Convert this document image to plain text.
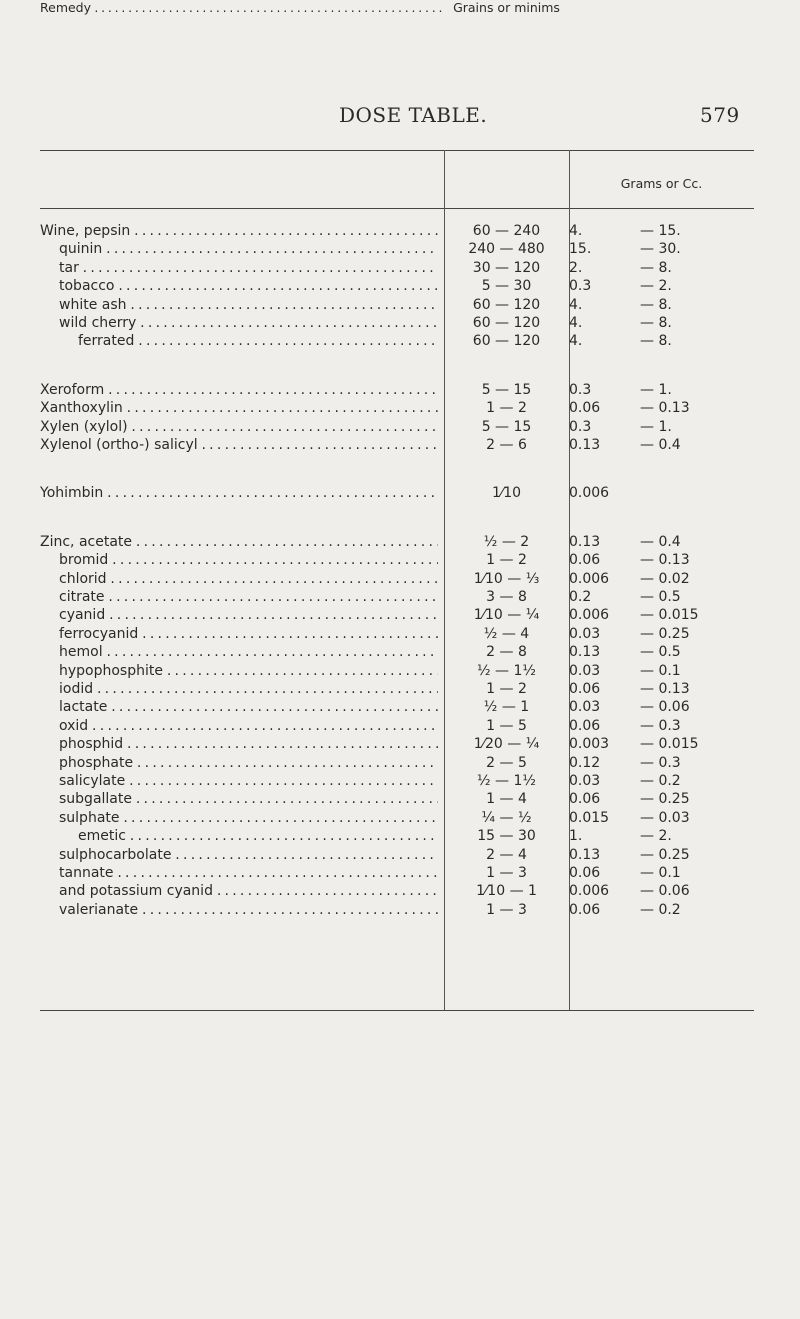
DOSE TABLE.	579
Remedy . . .	Grains or minims
Grams or Cc.
Wine, pepsin . . .	60 — 240	4.	— 15.
quinin . . .	240 — 480	15.	— 30.
tar . . .	30 — 120	2.	— 8.
tobacco . . .	5 — 30	0.3	— 2.
white ash . . .	60 — 120	4.	— 8.
wild cherry . . .	60 — 120	4.	— 8.
ferrated . . .	60 — 120	4.	— 8.
Xeroform . . .	5 — 15	0.3	— 1.
Xanthoxylin . . .	1 — 2	0.06	— 0.13
Xylen (xylol) . . .	5 — 15	0.3	— 1.
Xylenol (ortho-) salicyl . . .	2 — 6	0.13	— 0.4
Yohimbin . . .	1⁄10	0.006
Zinc, acetate . . .	½ — 2	0.13	— 0.4
bromid . . .	1 — 2	0.06	— 0.13
chlorid . . .	1⁄10 — ⅓	0.006	— 0.02
citrate . . .	3 — 8	0.2	— 0.5
cyanid . . .	1⁄10 — ¼	0.006	— 0.015
ferrocyanid . . .	½ — 4	0.03	— 0.25
hemol . . .	2 — 8	0.13	— 0.5
hypophosphite . . .	½ — 1½	0.03	— 0.1
iodid . . .	1 — 2	0.06	— 0.13
lactate . . .	½ — 1	0.03	— 0.06
oxid . . .	1 — 5	0.06	— 0.3
phosphid . . .	1⁄20 — ¼	0.003	— 0.015
phosphate . . .	2 — 5	0.12	— 0.3
salicylate . . .	½ — 1½	0.03	— 0.2
subgallate . . .	1 — 4	0.06	— 0.25
sulphate . . .	¼ — ½	0.015	— 0.03
emetic . . .	15 — 30	1.	— 2.
sulphocarbolate . . .	2 — 4	0.13	— 0.25
tannate . . .	1 — 3	0.06	— 0.1
and potassium cyanid . . .	1⁄10 — 1	0.006	— 0.06
valerianate . . .	1 — 3	0.06	— 0.2
